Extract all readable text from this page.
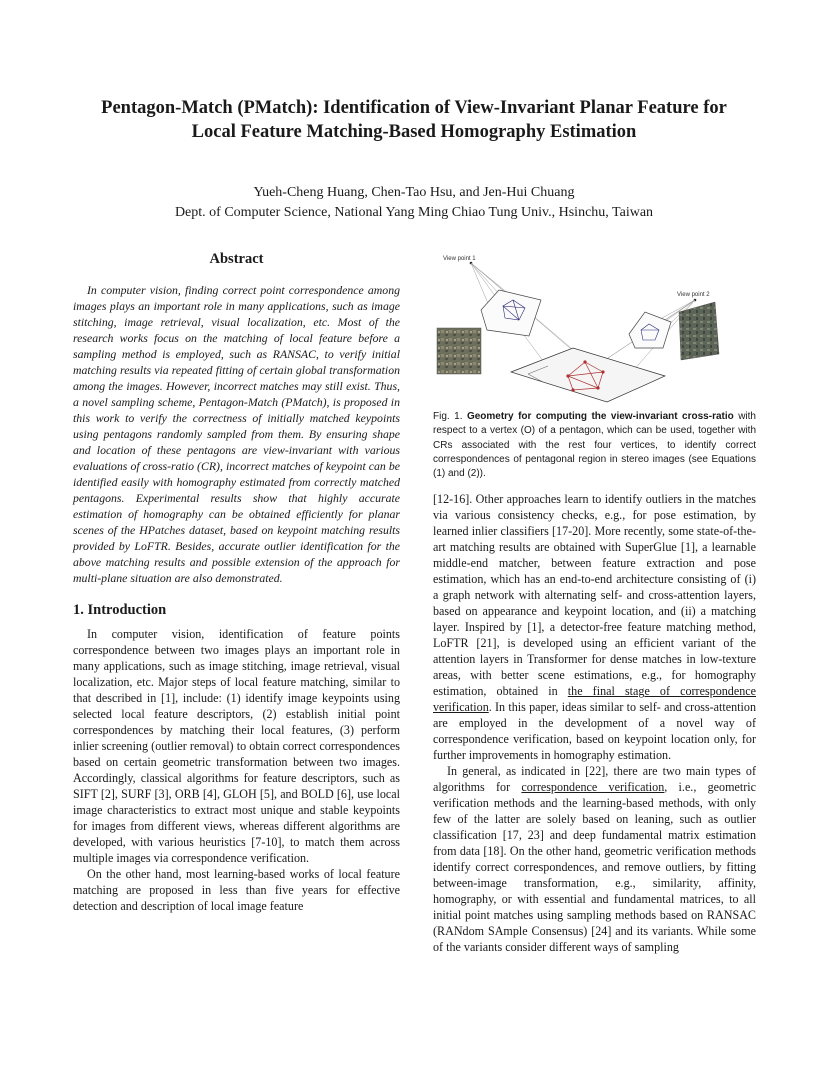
Pentagon-Match (PMatch): Identification of View-Invariant Planar Feature for
Local Feature Matching-Based Homography Estimation
Yueh-Cheng Huang, Chen-Tao Hsu, and Jen-Hui Chuang
Dept. of Computer Science, National Yang Ming Chiao Tung Univ., Hsinchu, Taiwan
Abstract

In computer vision, finding correct point correspondence among images plays an important role in many applications, such as image stitching, image retrieval, visual localization, etc. Most of the research works focus on the matching of local feature before a sampling method is employed, such as RANSAC, to verify initial matching results via repeated fitting of certain global transformation among the images. However, incorrect matches may still exist. Thus, a novel sampling scheme, Pentagon-Match (PMatch), is proposed in this work to verify the correctness of initially matched keypoints using pentagons randomly sampled from them. By ensuring shape and location of these pentagons are view-invariant with various evaluations of cross-ratio (CR), incorrect matches of keypoint can be identified easily with homography estimated from correctly matched pentagons. Experimental results show that highly accurate estimation of homography can be obtained efficiently for planar scenes of the HPatches dataset, based on keypoint matching results provided by LoFTR. Besides, accurate outlier identification for the above matching results and possible extension of the approach for multi-plane situation are also demonstrated.

1. Introduction

In computer vision, identification of feature points correspondence between two images plays an important role in many applications, such as image stitching, image retrieval, visual localization, etc. Major steps of local feature matching, similar to that described in [1], include: (1) identify image keypoints using selected local feature descriptors, (2) establish initial point correspondences by matching their local features, (3) perform inlier screening (outlier removal) to obtain correct correspondences based on certain geometric transformation between two images. Accordingly, classical algorithms for feature descriptors, such as SIFT [2], SURF [3], ORB [4], GLOH [5], and BOLD [6], use local image characteristics to extract most unique and stable keypoints for images from different views, whereas different algorithms are developed, with various heuristics [7-10], to match them across multiple images via correspondence verification.

On the other hand, most learning-based works of local feature matching are proposed in less than five years for effective detection and description of local image feature

View point 1
View point 2
Fig. 1. Geometry for computing the view-invariant cross-ratio with respect to a vertex (O) of a pentagon, which can be used, together with CRs associated with the rest four vertices, to identify correct correspondences of pentagonal region in stereo images (see Equations (1) and (2)).

[12-16]. Other approaches learn to identify outliers in the matches via various consistency checks, e.g., for pose estimation, by learned inlier classifiers [17-20]. More recently, some state-of-the-art matching results are obtained with SuperGlue [1], a learnable middle-end matcher, between feature extraction and pose estimation, which has an end-to-end architecture consisting of (i) a graph network with alternating self- and cross-attention layers, based on appearance and keypoint location, and (ii) a matching layer. Inspired by [1], a detector-free feature matching method, LoFTR [21], is developed using an efficient variant of the attention layers in Transformer for dense matches in low-texture areas, with better scene estimations, e.g., for homography estimation, obtained in the final stage of correspondence verification. In this paper, ideas similar to self- and cross-attention are employed in the development of a novel way of correspondence verification, based on keypoint location only, for further improvements in homography estimation.

In general, as indicated in [22], there are two main types of algorithms for correspondence verification, i.e., geometric verification methods and the learning-based methods, with only few of the latter are solely based on leaning, such as outlier classification [17, 23] and deep fundamental matrix estimation from data [18]. On the other hand, geometric verification methods identify correct correspondences, and remove outliers, by fitting between-image transformation, e.g., similarity, affinity, homography, or with essential and fundamental matrices, to all initial point matches using sampling methods based on RANSAC (RANdom SAmple Consensus) [24] and its variants. While some of the variants consider different ways of sampling
